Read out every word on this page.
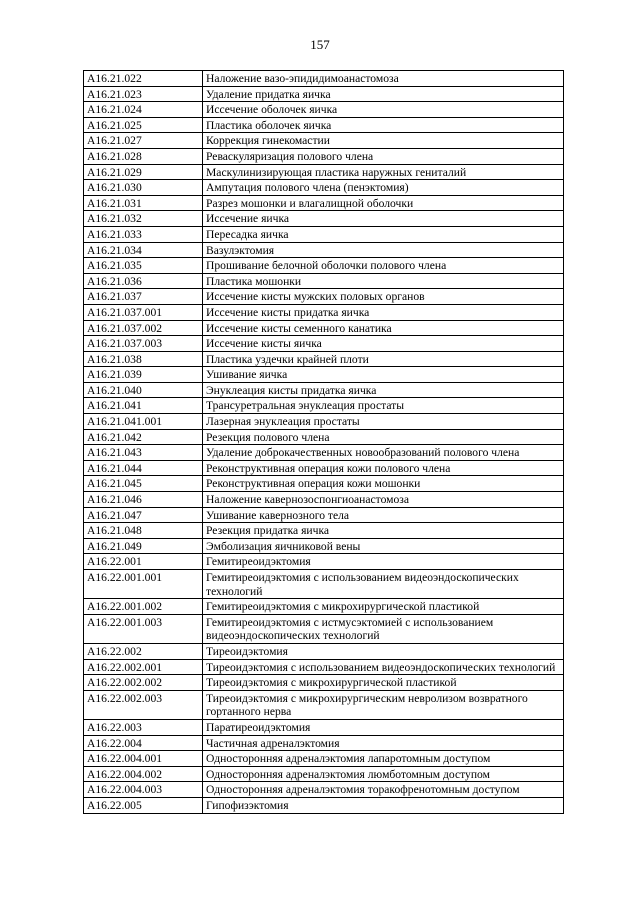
157
A16.21.022	Наложение вазо-эпидидимоанастомоза
A16.21.023	Удаление придатка яичка
A16.21.024	Иссечение оболочек яичка
A16.21.025	Пластика оболочек яичка
A16.21.027	Коррекция гинекомастии
A16.21.028	Реваскуляризация полового члена
A16.21.029	Маскулинизирующая пластика наружных гениталий
A16.21.030	Ампутация полового члена (пенэктомия)
A16.21.031	Разрез мошонки и влагалищной оболочки
A16.21.032	Иссечение яичка
A16.21.033	Пересадка яичка
A16.21.034	Вазулэктомия
A16.21.035	Прошивание белочной оболочки полового члена
A16.21.036	Пластика мошонки
A16.21.037	Иссечение кисты мужских половых органов
A16.21.037.001	Иссечение кисты придатка яичка
A16.21.037.002	Иссечение кисты семенного канатика
A16.21.037.003	Иссечение кисты яичка
A16.21.038	Пластика уздечки крайней плоти
A16.21.039	Ушивание яичка
A16.21.040	Энуклеация кисты придатка яичка
A16.21.041	Трансуретральная энуклеация простаты
A16.21.041.001	Лазерная энуклеация простаты
A16.21.042	Резекция полового члена
A16.21.043	Удаление доброкачественных новообразований полового члена
A16.21.044	Реконструктивная операция кожи полового члена
A16.21.045	Реконструктивная операция кожи мошонки
A16.21.046	Наложение кавернозоспонгиоанастомоза
A16.21.047	Ушивание кавернозного тела
A16.21.048	Резекция придатка яичка
A16.21.049	Эмболизация яичниковой вены
A16.22.001	Гемитиреоидэктомия
A16.22.001.001	Гемитиреоидэктомия с использованием видеоэндоскопических технологий
A16.22.001.002	Гемитиреоидэктомия с микрохирургической пластикой
A16.22.001.003	Гемитиреоидэктомия с истмусэктомией с использованием видеоэндоскопических технологий
A16.22.002	Тиреоидэктомия
A16.22.002.001	Тиреоидэктомия с использованием видеоэндоскопических технологий
A16.22.002.002	Тиреоидэктомия с микрохирургической пластикой
A16.22.002.003	Тиреоидэктомия с микрохирургическим невролизом возвратного гортанного нерва
A16.22.003	Паратиреоидэктомия
A16.22.004	Частичная адреналэктомия
A16.22.004.001	Односторонняя адреналэктомия лапаротомным доступом
A16.22.004.002	Односторонняя адреналэктомия люмботомным доступом
A16.22.004.003	Односторонняя адреналэктомия торакофренотомным доступом
A16.22.005	Гипофизэктомия
